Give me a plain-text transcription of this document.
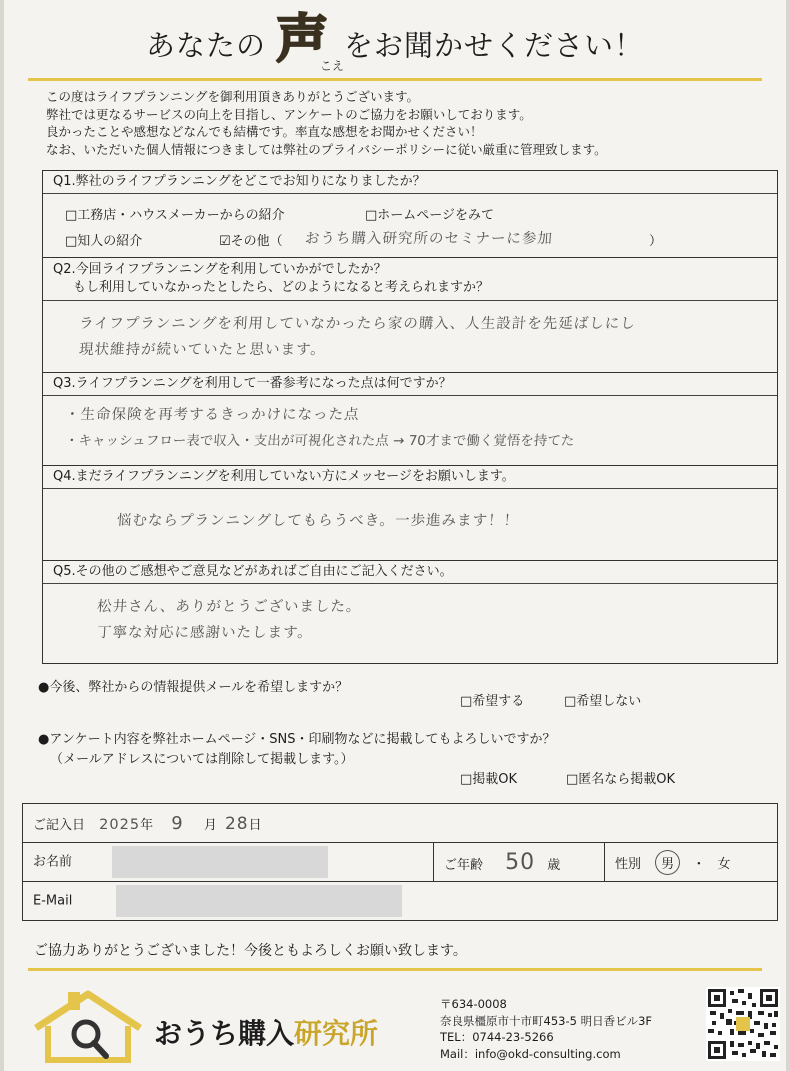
あなたの 声
こえ
をお聞かせください！
この度はライフプランニングを御利用頂きありがとうございます。
弊社では更なるサービスの向上を目指し、アンケートのご協力をお願いしております。
良かったことや感想などなんでも結構です。率直な感想をお聞かせください！
なお、いただいた個人情報につきましては弊社のプライバシーポリシーに従い厳重に管理致します。
Q1.弊社のライフプランニングをどこでお知りになりましたか？
□工務店・ハウスメーカーからの紹介	□ホームページをみて
□知人の紹介	☑その他（ おうち購入研究所のセミナーに参加	）
Q2.今回ライフプランニングを利用していかがでしたか？
もし利用していなかったとしたら、どのようになると考えられますか？
ライフプランニングを利用していなかったら家の購入、人生設計を先延ばしにし
現状維持が続いていたと思います。
Q3.ライフプランニングを利用して一番参考になった点は何ですか？
・生命保険を再考するきっかけになった点
・キャッシュフロー表で収入・支出が可視化された点 → 70才まで働く覚悟を持てた
Q4.まだライフプランニングを利用していない方にメッセージをお願いします。
悩むならプランニングしてもらうべき。一歩進みます！！
Q5.その他のご感想やご意見などがあればご自由にご記入ください。
松井さん、ありがとうございました。
丁寧な対応に感謝いたします。
●今後、弊社からの情報提供メールを希望しますか？
□希望する	□希望しない
●アンケート内容を弊社ホームページ・SNS・印刷物などに掲載してもよろしいですか？
（メールアドレスについては削除して掲載します。）
□掲載OK	□匿名なら掲載OK
ご記入日 2025年 9 月 28日
お名前	ご年齢 50 歳	性別 男 ・ 女
E-Mail
ご協力ありがとうございました！今後ともよろしくお願い致します。
おうち購入研究所
〒634-0008
奈良県橿原市十市町453-5 明日香ビル3F
TEL：0744-23-5266
Mail：info@okd-consulting.com
